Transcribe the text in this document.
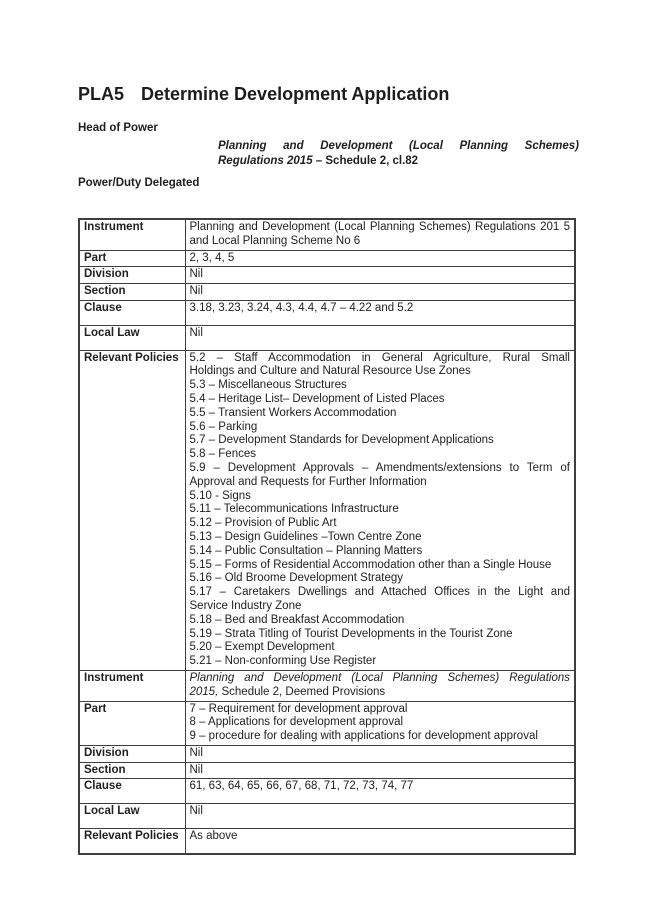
PLA5 Determine Development Application
Head of Power
Planning and Development (Local Planning Schemes)
Regulations 2015 – Schedule 2, cl.82
Power/Duty Delegated
Instrument	Planning and Development (Local Planning Schemes) Regulations 201 5
and Local Planning Scheme No 6

Part	2, 3, 4, 5

Division	Nil

Section	Nil

Clause	3.18, 3.23, 3.24, 4.3, 4.4, 4.7 – 4.22 and 5.2

Local Law	Nil

Relevant Policies	5.2 – Staff Accommodation in General Agriculture, Rural Small
Holdings and Culture and Natural Resource Use Zones
5.3 – Miscellaneous Structures
5.4 – Heritage List– Development of Listed Places
5.5 – Transient Workers Accommodation
5.6 – Parking
5.7 – Development Standards for Development Applications
5.8 – Fences
5.9 – Development Approvals – Amendments/extensions to Term of
Approval and Requests for Further Information
5.10 - Signs
5.11 – Telecommunications Infrastructure
5.12 – Provision of Public Art
5.13 – Design Guidelines –Town Centre Zone
5.14 – Public Consultation – Planning Matters
5.15 – Forms of Residential Accommodation other than a Single House
5.16 – Old Broome Development Strategy
5.17 – Caretakers Dwellings and Attached Offices in the Light and
Service Industry Zone
5.18 – Bed and Breakfast Accommodation
5.19 – Strata Titling of Tourist Developments in the Tourist Zone
5.20 – Exempt Development
5.21 – Non-conforming Use Register

Instrument	Planning and Development (Local Planning Schemes) Regulations
2015, Schedule 2, Deemed Provisions

Part	7 – Requirement for development approval
8 – Applications for development approval
9 – procedure for dealing with applications for development approval

Division	Nil

Section	Nil

Clause	61, 63, 64, 65, 66, 67, 68, 71, 72, 73, 74, 77

Local Law	Nil

Relevant Policies	As above
